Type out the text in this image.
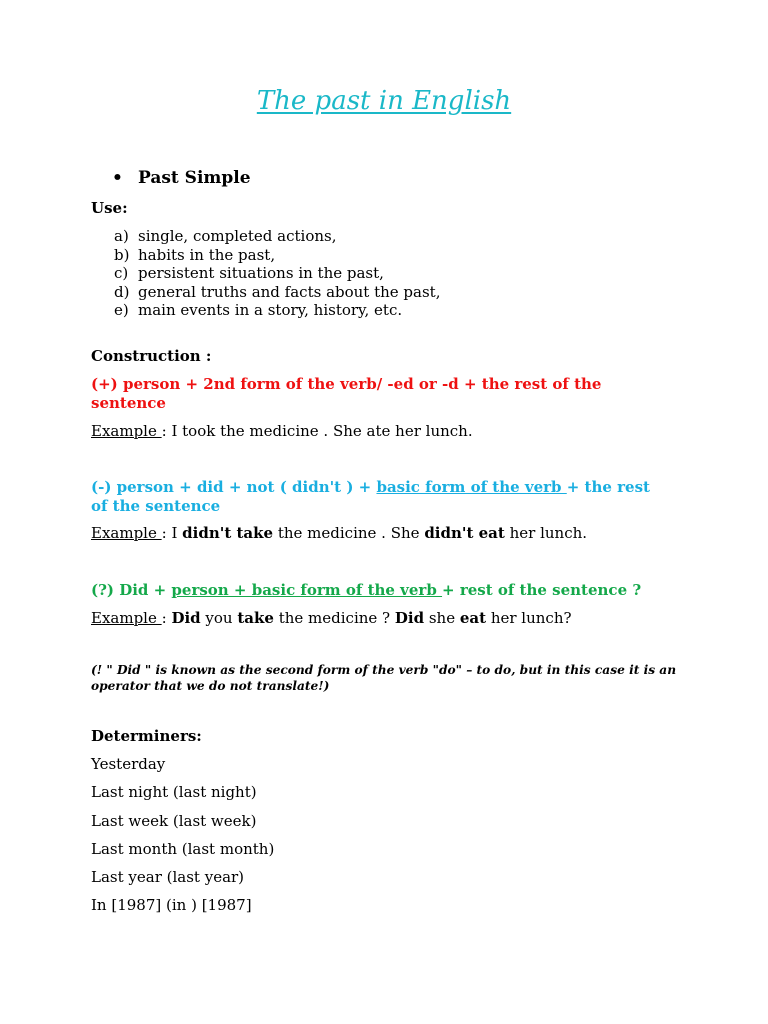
The past in English
• Past Simple

Use:

a) single, completed actions,
b) habits in the past,
c) persistent situations in the past,
d) general truths and facts about the past,
e) main events in a story, history, etc.

Construction :

(+) person + 2nd form of the verb/ -ed or -d + the rest of the

sentence

Example : I took the medicine . She ate her lunch.

(-) person + did + not ( didn't ) + basic form of the verb + the rest

of the sentence

Example : I didn't take the medicine . She didn't eat her lunch.

(?) Did + person + basic form of the verb + rest of the sentence ?

Example : Did you take the medicine ? Did she eat her lunch?

(! " Did " is known as the second form of the verb "do" – to do, but in this case it is an operator that we do not translate!)

Determiners:
Yesterday
Last night (last night)
Last week (last week)
Last month (last month)
Last year (last year)
In [1987] (in ) [1987]
